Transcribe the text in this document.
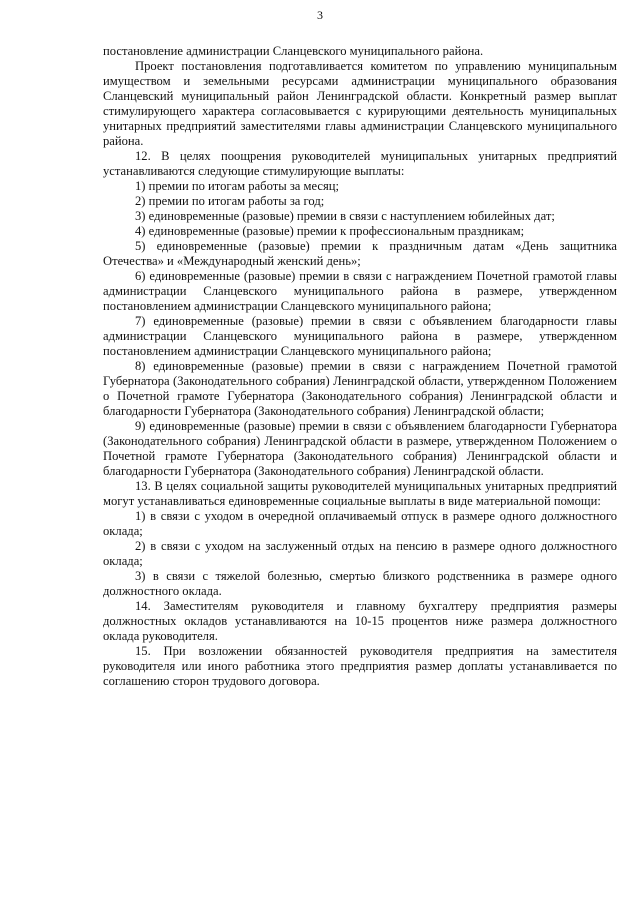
3

постановление администрации Сланцевского муниципального района.

Проект постановления подготавливается комитетом по управлению муниципальным имуществом и земельными ресурсами администрации муниципального образования Сланцевский муниципальный район Ленинградской области. Конкретный размер выплат стимулирующего характера согласовывается с курирующими деятельность муниципальных унитарных предприятий заместителями главы администрации Сланцевского муниципального района.

12. В целях поощрения руководителей муниципальных унитарных предприятий устанавливаются следующие стимулирующие выплаты:

1) премии по итогам работы за месяц;

2) премии по итогам работы за год;

3) единовременные (разовые) премии в связи с наступлением юбилейных дат;

4) единовременные (разовые) премии к профессиональным праздникам;

5) единовременные (разовые) премии к праздничным датам «День защитника Отечества» и «Международный женский день»;

6) единовременные (разовые) премии в связи с награждением Почетной грамотой главы администрации Сланцевского муниципального района в размере, утвержденном постановлением администрации Сланцевского муниципального района;

7) единовременные (разовые) премии в связи с объявлением благодарности главы администрации Сланцевского муниципального района в размере, утвержденном постановлением администрации Сланцевского муниципального района;

8) единовременные (разовые) премии в связи с награждением Почетной грамотой Губернатора (Законодательного собрания) Ленинградской области, утвержденном Положением о Почетной грамоте Губернатора (Законодательного собрания) Ленинградской области и благодарности Губернатора (Законодательного собрания) Ленинградской области;

9) единовременные (разовые) премии в связи с объявлением благодарности Губернатора (Законодательного собрания) Ленинградской области в размере, утвержденном Положением о Почетной грамоте Губернатора (Законодательного собрания) Ленинградской области и благодарности Губернатора (Законодательного собрания) Ленинградской области.

13. В целях социальной защиты руководителей муниципальных унитарных предприятий могут устанавливаться единовременные социальные выплаты в виде материальной помощи:

1) в связи с уходом в очередной оплачиваемый отпуск в размере одного должностного оклада;

2) в связи с уходом на заслуженный отдых на пенсию в размере одного должностного оклада;

3) в связи с тяжелой болезнью, смертью близкого родственника в размере одного должностного оклада.

14. Заместителям руководителя и главному бухгалтеру предприятия размеры должностных окладов устанавливаются на 10-15 процентов ниже размера должностного оклада руководителя.

15. При возложении обязанностей руководителя предприятия на заместителя руководителя или иного работника этого предприятия размер доплаты устанавливается по соглашению сторон трудового договора.
